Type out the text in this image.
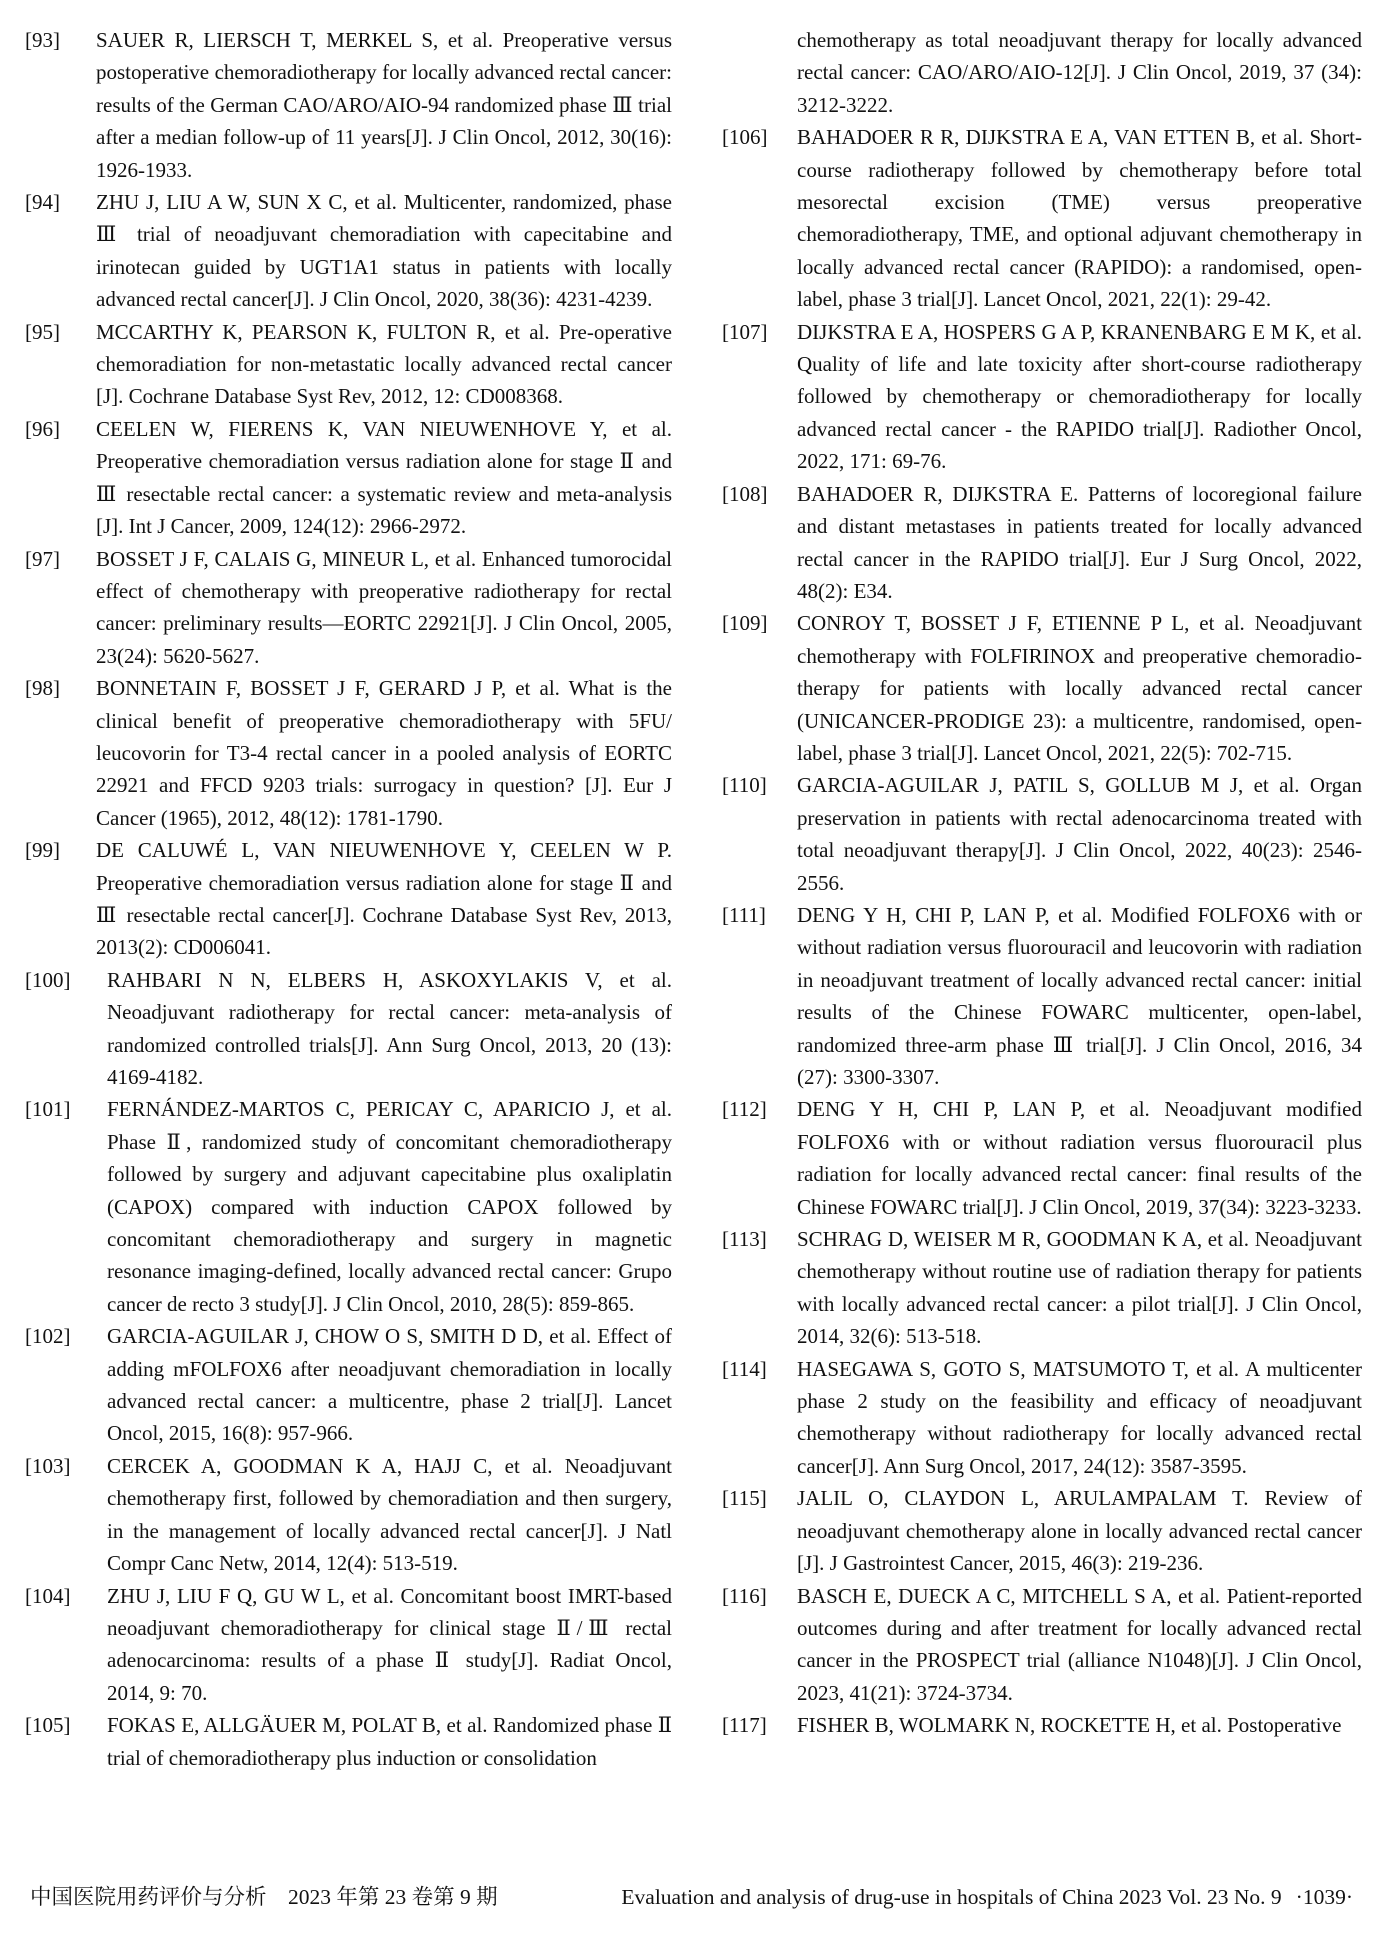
[93] SAUER R, LIERSCH T, MERKEL S, et al. Preoperative versus postoperative chemoradiotherapy for locally advanced rectal cancer: results of the German CAO/ARO/AIO-94 randomized phase Ⅲ trial after a median follow-up of 11 years[J]. J Clin Oncol, 2012, 30(16): 1926-1933.
[94] ZHU J, LIU A W, SUN X C, et al. Multicenter, randomized, phase Ⅲ trial of neoadjuvant chemoradiation with capecitabine and irinotecan guided by UGT1A1 status in patients with locally advanced rectal cancer[J]. J Clin Oncol, 2020, 38(36): 4231-4239.
[95] MCCARTHY K, PEARSON K, FULTON R, et al. Pre-operative chemoradiation for non-metastatic locally advanced rectal cancer [J]. Cochrane Database Syst Rev, 2012, 12: CD008368.
[96] CEELEN W, FIERENS K, VAN NIEUWENHOVE Y, et al. Preoperative chemoradiation versus radiation alone for stage Ⅱ and Ⅲ resectable rectal cancer: a systematic review and meta-analysis [J]. Int J Cancer, 2009, 124(12): 2966-2972.
[97] BOSSET J F, CALAIS G, MINEUR L, et al. Enhanced tumorocidal effect of chemotherapy with preoperative radiotherapy for rectal cancer: preliminary results—EORTC 22921[J]. J Clin Oncol, 2005, 23(24): 5620-5627.
[98] BONNETAIN F, BOSSET J F, GERARD J P, et al. What is the clinical benefit of preoperative chemoradiotherapy with 5FU/ leucovorin for T3-4 rectal cancer in a pooled analysis of EORTC 22921 and FFCD 9203 trials: surrogacy in question? [J]. Eur J Cancer (1965), 2012, 48(12): 1781-1790.
[99] DE CALUWÉ L, VAN NIEUWENHOVE Y, CEELEN W P. Preoperative chemoradiation versus radiation alone for stage Ⅱ and Ⅲ resectable rectal cancer[J]. Cochrane Database Syst Rev, 2013, 2013(2): CD006041.
[100] RAHBARI N N, ELBERS H, ASKOXYLAKIS V, et al. Neoadjuvant radiotherapy for rectal cancer: meta-analysis of randomized controlled trials[J]. Ann Surg Oncol, 2013, 20 (13): 4169-4182.
[101] FERNÁNDEZ-MARTOS C, PERICAY C, APARICIO J, et al. Phase Ⅱ, randomized study of concomitant chemoradiotherapy followed by surgery and adjuvant capecitabine plus oxaliplatin (CAPOX) compared with induction CAPOX followed by concomitant chemoradiotherapy and surgery in magnetic resonance imaging-defined, locally advanced rectal cancer: Grupo cancer de recto 3 study[J]. J Clin Oncol, 2010, 28(5): 859-865.
[102] GARCIA-AGUILAR J, CHOW O S, SMITH D D, et al. Effect of adding mFOLFOX6 after neoadjuvant chemoradiation in locally advanced rectal cancer: a multicentre, phase 2 trial[J]. Lancet Oncol, 2015, 16(8): 957-966.
[103] CERCEK A, GOODMAN K A, HAJJ C, et al. Neoadjuvant chemotherapy first, followed by chemoradiation and then surgery, in the management of locally advanced rectal cancer[J]. J Natl Compr Canc Netw, 2014, 12(4): 513-519.
[104] ZHU J, LIU F Q, GU W L, et al. Concomitant boost IMRT-based neoadjuvant chemoradiotherapy for clinical stage Ⅱ/Ⅲ rectal adenocarcinoma: results of a phase Ⅱ study[J]. Radiat Oncol, 2014, 9: 70.
[105] FOKAS E, ALLGÄUER M, POLAT B, et al. Randomized phase Ⅱ trial of chemoradiotherapy plus induction or consolidation
chemotherapy as total neoadjuvant therapy for locally advanced rectal cancer: CAO/ARO/AIO-12[J]. J Clin Oncol, 2019, 37 (34): 3212-3222.
[106] BAHADOER R R, DIJKSTRA E A, VAN ETTEN B, et al. Short-course radiotherapy followed by chemotherapy before total mesorectal excision (TME) versus preoperative chemoradiotherapy, TME, and optional adjuvant chemotherapy in locally advanced rectal cancer (RAPIDO): a randomised, open-label, phase 3 trial[J]. Lancet Oncol, 2021, 22(1): 29-42.
[107] DIJKSTRA E A, HOSPERS G A P, KRANENBARG E M K, et al. Quality of life and late toxicity after short-course radiotherapy followed by chemotherapy or chemoradiotherapy for locally advanced rectal cancer - the RAPIDO trial[J]. Radiother Oncol, 2022, 171: 69-76.
[108] BAHADOER R, DIJKSTRA E. Patterns of locoregional failure and distant metastases in patients treated for locally advanced rectal cancer in the RAPIDO trial[J]. Eur J Surg Oncol, 2022, 48(2): E34.
[109] CONROY T, BOSSET J F, ETIENNE P L, et al. Neoadjuvant chemotherapy with FOLFIRINOX and preoperative chemoradio- therapy for patients with locally advanced rectal cancer (UNICANCER-PRODIGE 23): a multicentre, randomised, open-label, phase 3 trial[J]. Lancet Oncol, 2021, 22(5): 702-715.
[110] GARCIA-AGUILAR J, PATIL S, GOLLUB M J, et al. Organ preservation in patients with rectal adenocarcinoma treated with total neoadjuvant therapy[J]. J Clin Oncol, 2022, 40(23): 2546-2556.
[111] DENG Y H, CHI P, LAN P, et al. Modified FOLFOX6 with or without radiation versus fluorouracil and leucovorin with radiation in neoadjuvant treatment of locally advanced rectal cancer: initial results of the Chinese FOWARC multicenter, open-label, randomized three-arm phase Ⅲ trial[J]. J Clin Oncol, 2016, 34 (27): 3300-3307.
[112] DENG Y H, CHI P, LAN P, et al. Neoadjuvant modified FOLFOX6 with or without radiation versus fluorouracil plus radiation for locally advanced rectal cancer: final results of the Chinese FOWARC trial[J]. J Clin Oncol, 2019, 37(34): 3223-3233.
[113] SCHRAG D, WEISER M R, GOODMAN K A, et al. Neoadjuvant chemotherapy without routine use of radiation therapy for patients with locally advanced rectal cancer: a pilot trial[J]. J Clin Oncol, 2014, 32(6): 513-518.
[114] HASEGAWA S, GOTO S, MATSUMOTO T, et al. A multicenter phase 2 study on the feasibility and efficacy of neoadjuvant chemotherapy without radiotherapy for locally advanced rectal cancer[J]. Ann Surg Oncol, 2017, 24(12): 3587-3595.
[115] JALIL O, CLAYDON L, ARULAMPALAM T. Review of neoadjuvant chemotherapy alone in locally advanced rectal cancer [J]. J Gastrointest Cancer, 2015, 46(3): 219-236.
[116] BASCH E, DUECK A C, MITCHELL S A, et al. Patient-reported outcomes during and after treatment for locally advanced rectal cancer in the PROSPECT trial (alliance N1048)[J]. J Clin Oncol, 2023, 41(21): 3724-3734.
[117] FISHER B, WOLMARK N, ROCKETTE H, et al. Postoperative
中国医院用药评价与分析　2023 年第 23 卷第 9 期	Evaluation and analysis of drug-use in hospitals of China 2023 Vol. 23 No. 9 ·1039·
